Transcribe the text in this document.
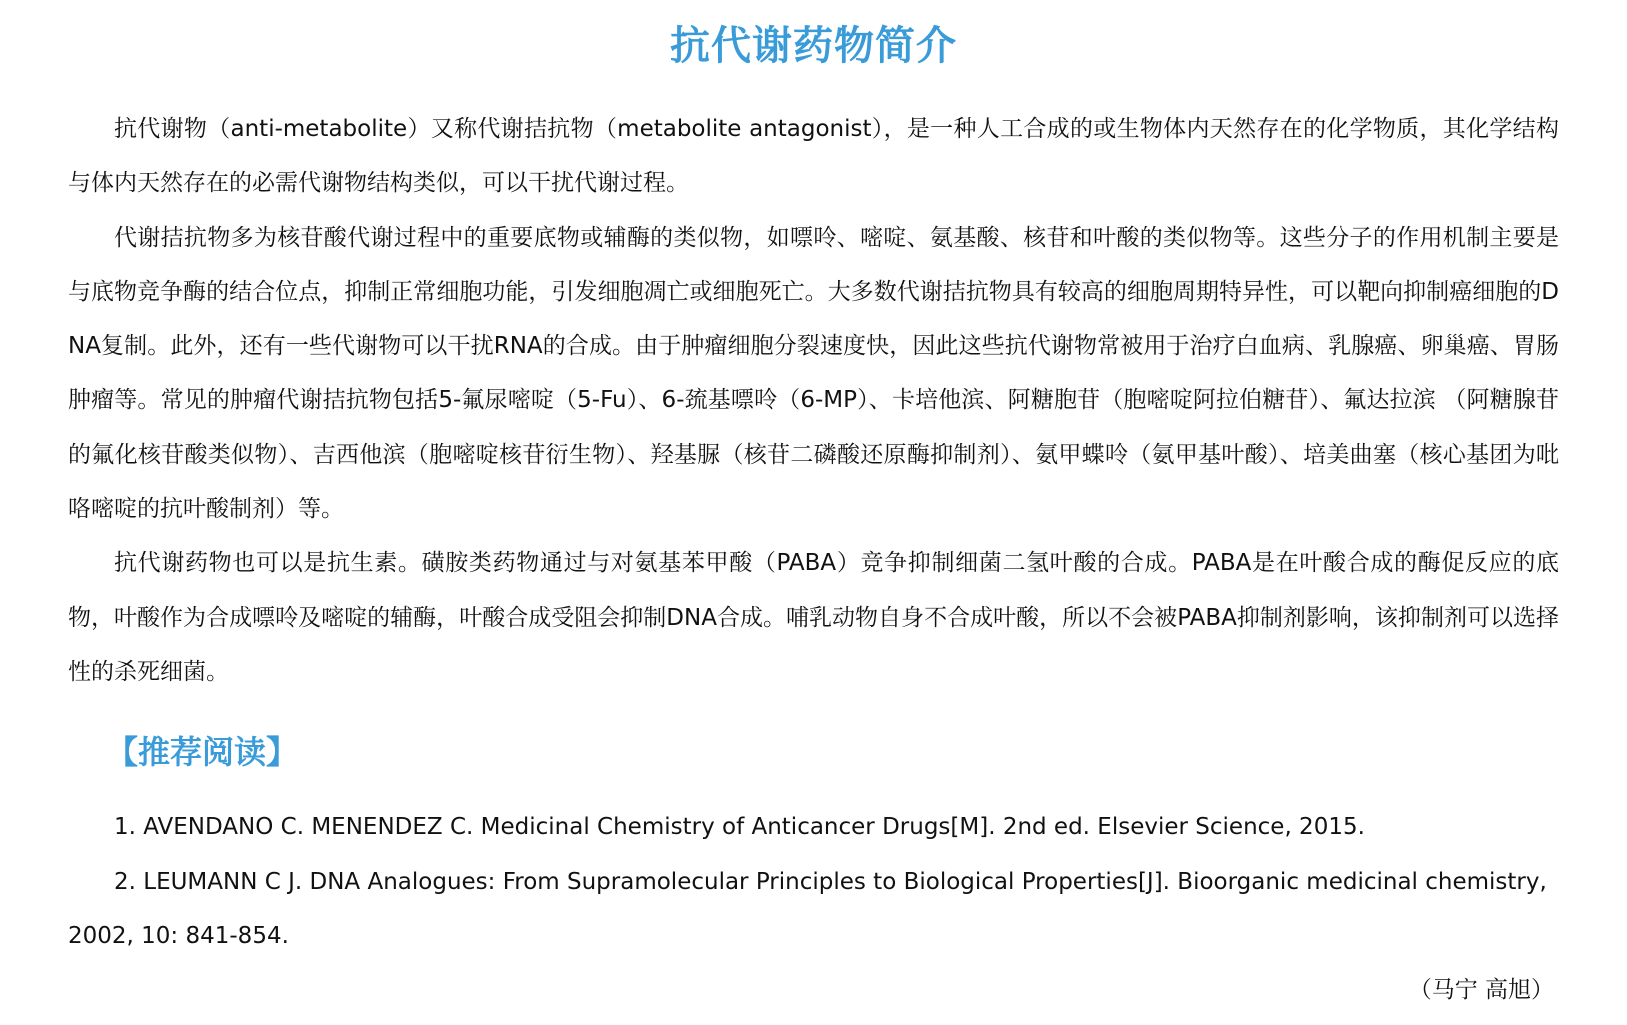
抗代谢药物简介

抗代谢物（anti-metabolite）又称代谢拮抗物（metabolite antagonist），是一种人工合成的或生物体内天然存在的化学物质，其化学结构与体内天然存在的必需代谢物结构类似，可以干扰代谢过程。

代谢拮抗物多为核苷酸代谢过程中的重要底物或辅酶的类似物，如嘌呤、嘧啶、氨基酸、核苷和叶酸的类似物等。这些分子的作用机制主要是与底物竞争酶的结合位点，抑制正常细胞功能，引发细胞凋亡或细胞死亡。大多数代谢拮抗物具有较高的细胞周期特异性，可以靶向抑制癌细胞的DNA复制。此外，还有一些代谢物可以干扰RNA的合成。由于肿瘤细胞分裂速度快，因此这些抗代谢物常被用于治疗白血病、乳腺癌、卵巢癌、胃肠肿瘤等。常见的肿瘤代谢拮抗物包括5-氟尿嘧啶（5-Fu）、6-巯基嘌呤（6-MP）、卡培他滨、阿糖胞苷（胞嘧啶阿拉伯糖苷）、氟达拉滨 （阿糖腺苷的氟化核苷酸类似物）、吉西他滨（胞嘧啶核苷衍生物）、羟基脲（核苷二磷酸还原酶抑制剂）、氨甲蝶呤（氨甲基叶酸）、培美曲塞（核心基团为吡咯嘧啶的抗叶酸制剂）等。

抗代谢药物也可以是抗生素。磺胺类药物通过与对氨基苯甲酸（PABA）竞争抑制细菌二氢叶酸的合成。PABA是在叶酸合成的酶促反应的底物，叶酸作为合成嘌呤及嘧啶的辅酶，叶酸合成受阻会抑制DNA合成。哺乳动物自身不合成叶酸，所以不会被PABA抑制剂影响，该抑制剂可以选择性的杀死细菌。

【推荐阅读】

1. AVENDANO C. MENENDEZ C. Medicinal Chemistry of Anticancer Drugs[M]. 2nd ed. Elsevier Science, 2015.

2. LEUMANN C J. DNA Analogues: From Supramolecular Principles to Biological Properties[J]. Bioorganic medicinal chemistry, 2002, 10: 841-854.

（马宁 高旭）
